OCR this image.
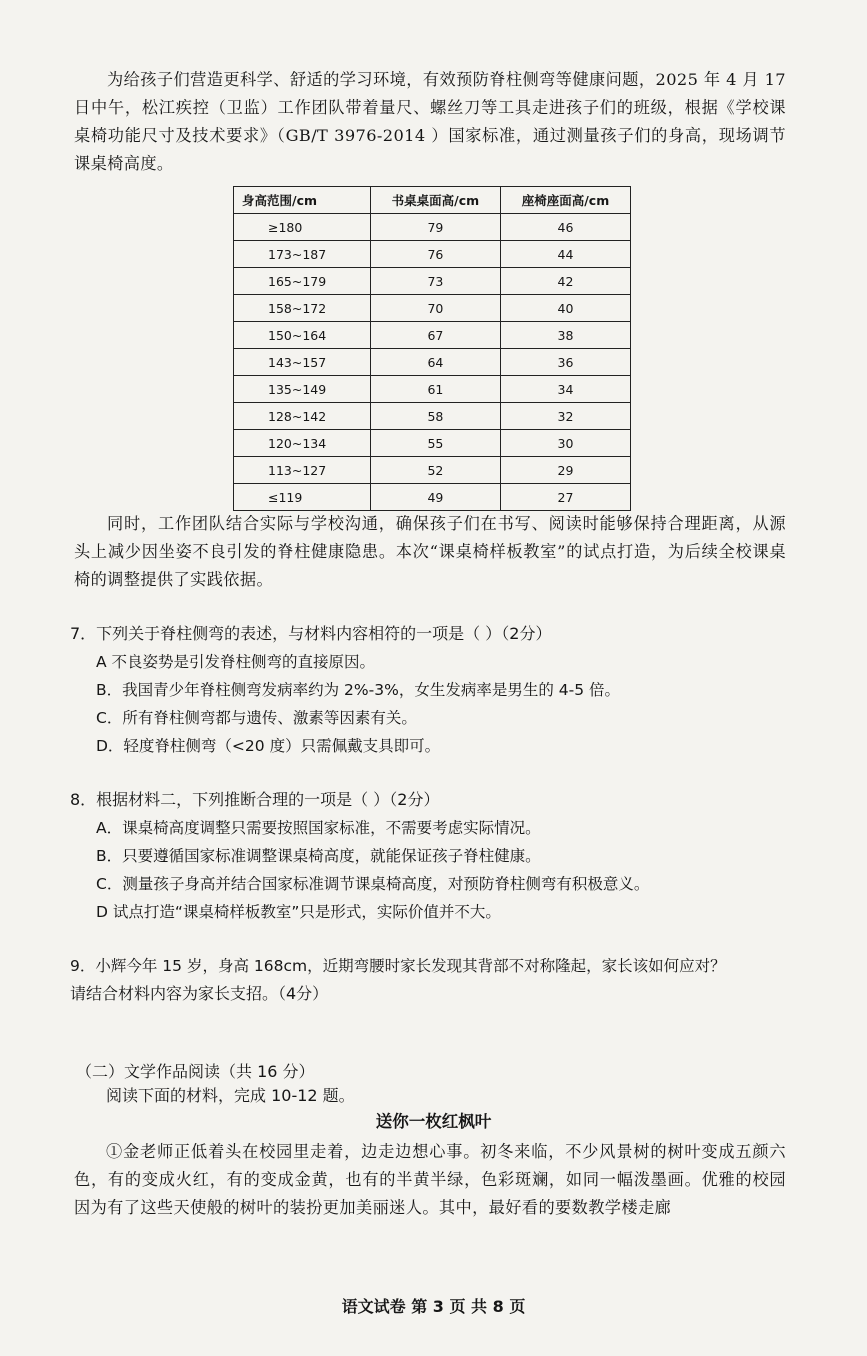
为给孩子们营造更科学、舒适的学习环境，有效预防脊柱侧弯等健康问题，2025 年 4 月 17 日中午，松江疾控（卫监）工作团队带着量尺、螺丝刀等工具走进孩子们的班级，根据《学校课桌椅功能尺寸及技术要求》（GB/T 3976-2014 ）国家标准，通过测量孩子们的身高，现场调节课桌椅高度。
身高范围/cm	书桌桌面高/cm	座椅座面高/cm
≥180	79	46
173~187	76	44
165~179	73	42
158~172	70	40
150~164	67	38
143~157	64	36
135~149	61	34
128~142	58	32
120~134	55	30
113~127	52	29
≤119	49	27
同时，工作团队结合实际与学校沟通，确保孩子们在书写、阅读时能够保持合理距离，从源头上减少因坐姿不良引发的脊柱健康隐患。本次“课桌椅样板教室”的试点打造，为后续全校课桌椅的调整提供了实践依据。
7．下列关于脊柱侧弯的表述，与材料内容相符的一项是（ ）（2分）
A 不良姿势是引发脊柱侧弯的直接原因。
B．我国青少年脊柱侧弯发病率约为 2%-3%，女生发病率是男生的 4-5 倍。
C．所有脊柱侧弯都与遗传、激素等因素有关。
D．轻度脊柱侧弯（<20 度）只需佩戴支具即可。
8．根据材料二，下列推断合理的一项是（ ）（2分）
A．课桌椅高度调整只需要按照国家标准，不需要考虑实际情况。
B．只要遵循国家标准调整课桌椅高度，就能保证孩子脊柱健康。
C．测量孩子身高并结合国家标准调节课桌椅高度，对预防脊柱侧弯有积极意义。
D 试点打造“课桌椅样板教室”只是形式，实际价值并不大。
9．小辉今年 15 岁，身高 168cm，近期弯腰时家长发现其背部不对称隆起，家长该如何应对？
请结合材料内容为家长支招。（4分）
（二）文学作品阅读（共 16 分）
阅读下面的材料，完成 10-12 题。
送你一枚红枫叶
①金老师正低着头在校园里走着，边走边想心事。初冬来临，不少风景树的树叶变成五颜六色，有的变成火红，有的变成金黄，也有的半黄半绿，色彩斑斓，如同一幅泼墨画。优雅的校园因为有了这些天使般的树叶的装扮更加美丽迷人。其中，最好看的要数教学楼走廊
语文试卷 第 3 页 共 8 页
